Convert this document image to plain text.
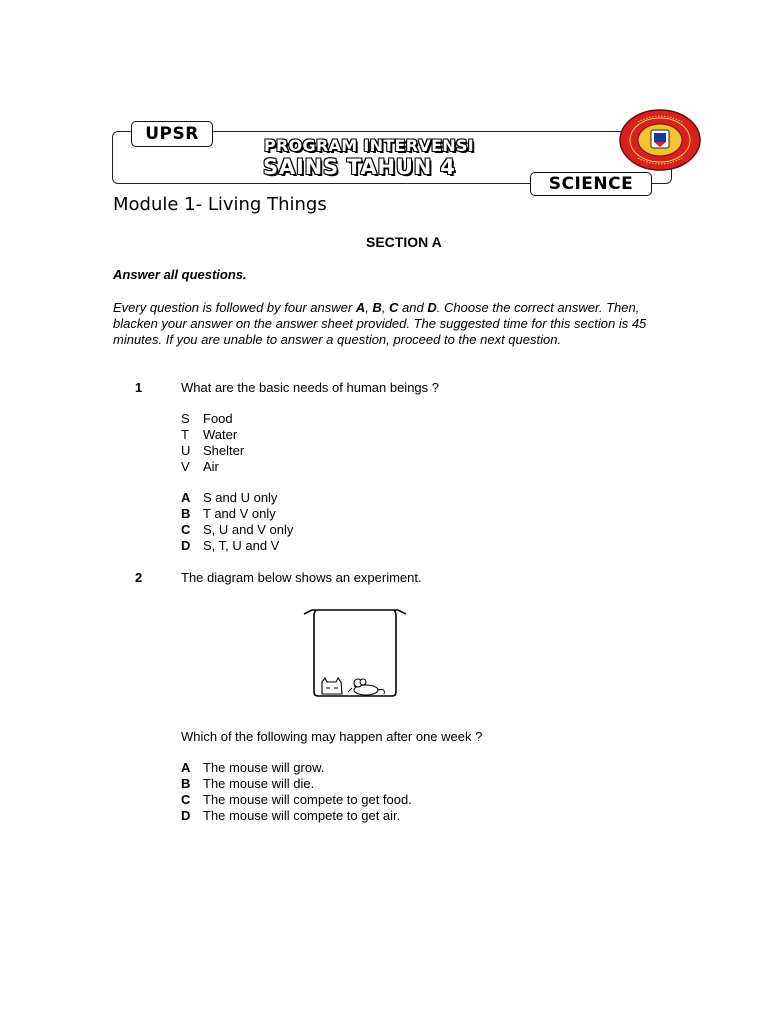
UPSR
PROGRAM INTERVENSI
SAINS TAHUN 4
SCIENCE
Module 1- Living Things
SECTION A
Answer all questions.
Every question is followed by four answer A, B, C and D. Choose the correct answer. Then, blacken your answer on the answer sheet provided. The suggested time for this section is 45 minutes. If you are unable to answer a question, proceed to the next question.
1	What are the basic needs of human beings ?
S Food
T Water
U Shelter
V Air
A S and U only
B T and V only
C S, U and V only
D S, T, U and V
2	The diagram below shows an experiment.
Which of the following may happen after one week ?
A The mouse will grow.
B The mouse will die.
C The mouse will compete to get food.
D The mouse will compete to get air.
